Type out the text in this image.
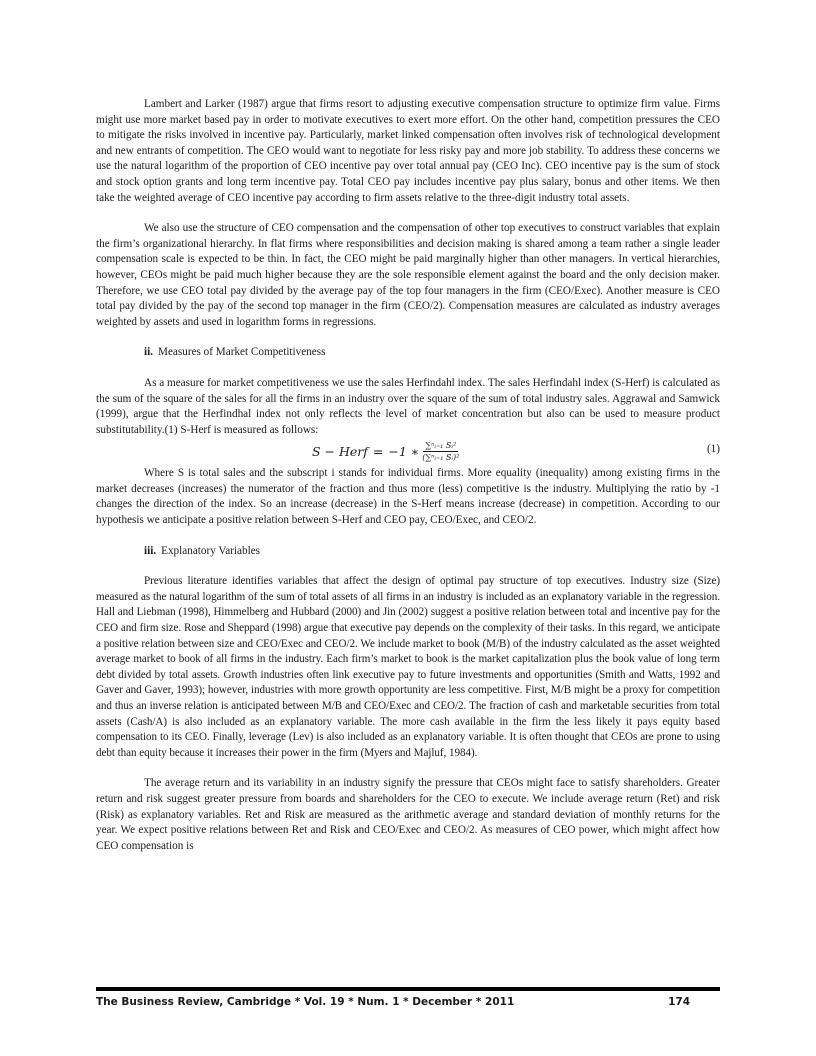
Lambert and Larker (1987) argue that firms resort to adjusting executive compensation structure to optimize firm value. Firms might use more market based pay in order to motivate executives to exert more effort. On the other hand, competition pressures the CEO to mitigate the risks involved in incentive pay. Particularly, market linked compensation often involves risk of technological development and new entrants of competition. The CEO would want to negotiate for less risky pay and more job stability. To address these concerns we use the natural logarithm of the proportion of CEO incentive pay over total annual pay (CEO Inc). CEO incentive pay is the sum of stock and stock option grants and long term incentive pay. Total CEO pay includes incentive pay plus salary, bonus and other items. We then take the weighted average of CEO incentive pay according to firm assets relative to the three-digit industry total assets.

We also use the structure of CEO compensation and the compensation of other top executives to construct variables that explain the firm’s organizational hierarchy. In flat firms where responsibilities and decision making is shared among a team rather a single leader compensation scale is expected to be thin. In fact, the CEO might be paid marginally higher than other managers. In vertical hierarchies, however, CEOs might be paid much higher because they are the sole responsible element against the board and the only decision maker. Therefore, we use CEO total pay divided by the average pay of the top four managers in the firm (CEO/Exec). Another measure is CEO total pay divided by the pay of the second top manager in the firm (CEO/2). Compensation measures are calculated as industry averages weighted by assets and used in logarithm forms in regressions.

ii. Measures of Market Competitiveness

As a measure for market competitiveness we use the sales Herfindahl index. The sales Herfindahl index (S-Herf) is calculated as the sum of the square of the sales for all the firms in an industry over the square of the sum of total industry sales. Aggrawal and Samwick (1999), argue that the Herfindhal index not only reflects the level of market concentration but also can be used to measure product substitutability.(1) S-Herf is measured as follows:

S − Herf = −1 ∗ $\frac{\text{∑ⁿᵢ₌₁ Sᵢ²}}{\text{(∑ⁿᵢ₌₁ Sᵢ)²}}$	(1)

Where S is total sales and the subscript i stands for individual firms. More equality (inequality) among existing firms in the market decreases (increases) the numerator of the fraction and thus more (less) competitive is the industry. Multiplying the ratio by -1 changes the direction of the index. So an increase (decrease) in the S-Herf means increase (decrease) in competition. According to our hypothesis we anticipate a positive relation between S-Herf and CEO pay, CEO/Exec, and CEO/2.

iii. Explanatory Variables

Previous literature identifies variables that affect the design of optimal pay structure of top executives. Industry size (Size) measured as the natural logarithm of the sum of total assets of all firms in an industry is included as an explanatory variable in the regression. Hall and Liebman (1998), Himmelberg and Hubbard (2000) and Jin (2002) suggest a positive relation between total and incentive pay for the CEO and firm size. Rose and Sheppard (1998) argue that executive pay depends on the complexity of their tasks. In this regard, we anticipate a positive relation between size and CEO/Exec and CEO/2. We include market to book (M/B) of the industry calculated as the asset weighted average market to book of all firms in the industry. Each firm’s market to book is the market capitalization plus the book value of long term debt divided by total assets. Growth industries often link executive pay to future investments and opportunities (Smith and Watts, 1992 and Gaver and Gaver, 1993); however, industries with more growth opportunity are less competitive. First, M/B might be a proxy for competition and thus an inverse relation is anticipated between M/B and CEO/Exec and CEO/2. The fraction of cash and marketable securities from total assets (Cash/A) is also included as an explanatory variable. The more cash available in the firm the less likely it pays equity based compensation to its CEO. Finally, leverage (Lev) is also included as an explanatory variable. It is often thought that CEOs are prone to using debt than equity because it increases their power in the firm (Myers and Majluf, 1984).

The average return and its variability in an industry signify the pressure that CEOs might face to satisfy shareholders. Greater return and risk suggest greater pressure from boards and shareholders for the CEO to execute. We include average return (Ret) and risk (Risk) as explanatory variables. Ret and Risk are measured as the arithmetic average and standard deviation of monthly returns for the year. We expect positive relations between Ret and Risk and CEO/Exec and CEO/2. As measures of CEO power, which might affect how CEO compensation is

The Business Review, Cambridge * Vol. 19 * Num. 1 * December * 2011	174
